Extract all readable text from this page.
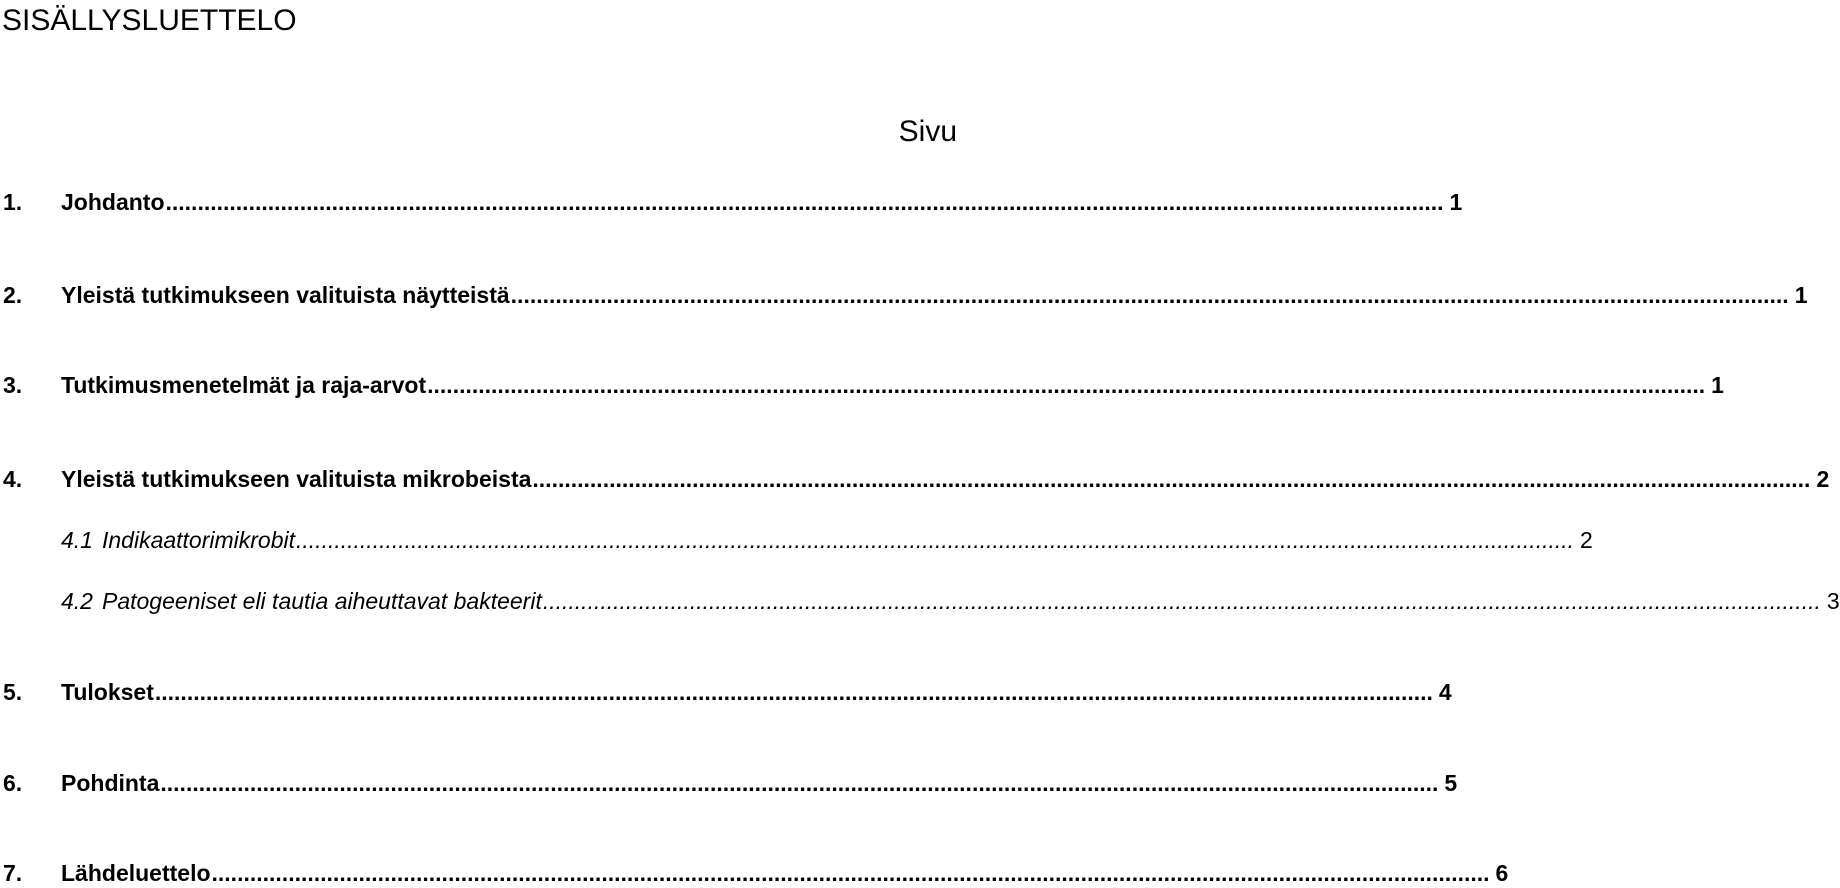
SISÄLLYSLUETTELO
Sivu
1.	Johdanto ........................................................................................................................................................................................................ 1
2.	Yleistä tutkimukseen valituista näytteistä ........................................................................................................................................................................................................ 1
3.	Tutkimusmenetelmät ja raja-arvot ........................................................................................................................................................................................................ 1
4.	Yleistä tutkimukseen valituista mikrobeista ........................................................................................................................................................................................................ 2
4.1 Indikaattorimikrobit ........................................................................................................................................................................................................ 2
4.2 Patogeeniset eli tautia aiheuttavat bakteerit ........................................................................................................................................................................................................ 3
5.	Tulokset ........................................................................................................................................................................................................ 4
6.	Pohdinta ........................................................................................................................................................................................................ 5
7.	Lähdeluettelo ........................................................................................................................................................................................................ 6
